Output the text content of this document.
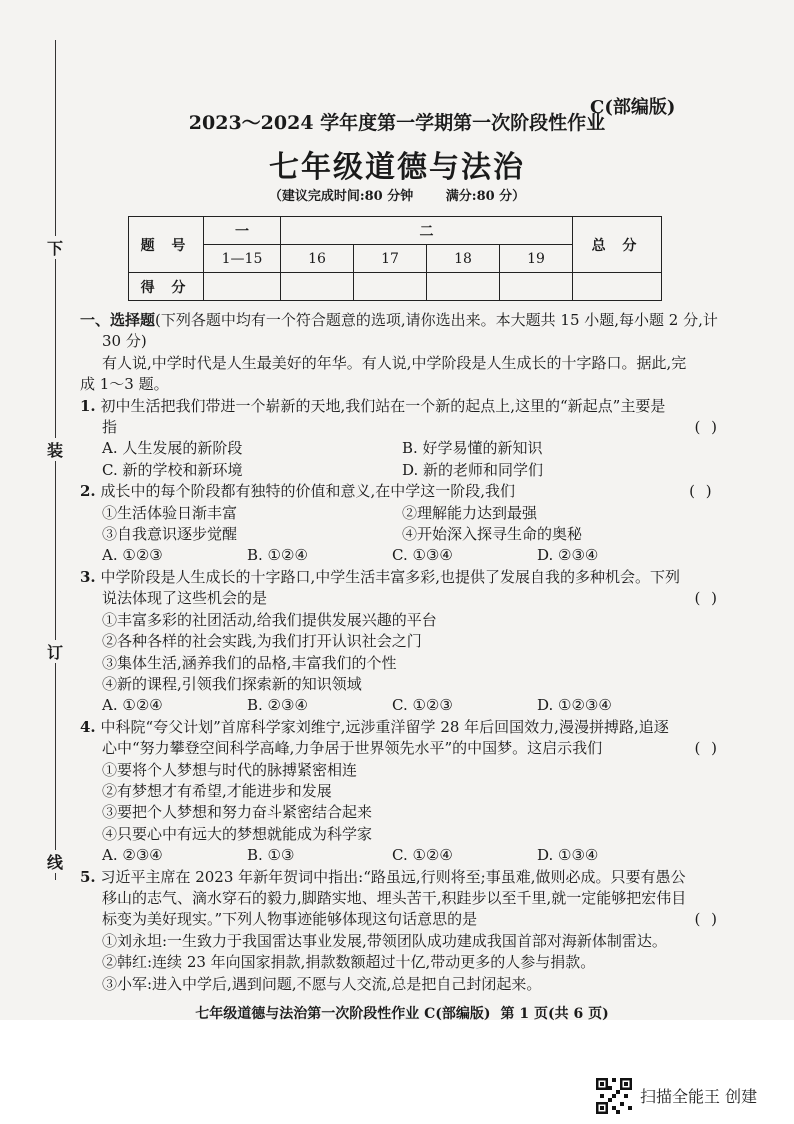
下
装
订
线
C(部编版)
2023～2024 学年度第一学期第一次阶段性作业
七年级道德与法治
（建议完成时间:80 分钟	满分:80 分）
题 号	一	二				总 分
	1—15	16	17	18	19	
得 分						

一、选择题(下列各题中均有一个符合题意的选项,请你选出来。本大题共 15 小题,每小题 2 分,计

30 分)

有人说,中学时代是人生最美好的年华。有人说,中学阶段是人生成长的十字路口。据此,完

成 1～3 题。

1. 初中生活把我们带进一个崭新的天地,我们站在一个新的起点上,这里的“新起点”主要是

指	( )

A. 人生发展的新阶段	B. 好学易懂的新知识
C. 新的学校和新环境	D. 新的老师和同学们

2. 成长中的每个阶段都有独特的价值和意义,在中学这一阶段,我们	( )

①生活体验日渐丰富	②理解能力达到最强
③自我意识逐步觉醒	④开始深入探寻生命的奥秘
A. ①②③	B. ①②④	C. ①③④	D. ②③④

3. 中学阶段是人生成长的十字路口,中学生活丰富多彩,也提供了发展自我的多种机会。下列

说法体现了这些机会的是	( )

①丰富多彩的社团活动,给我们提供发展兴趣的平台

②各种各样的社会实践,为我们打开认识社会之门

③集体生活,涵养我们的品格,丰富我们的个性

④新的课程,引领我们探索新的知识领域

A. ①②④	B. ②③④	C. ①②③	D. ①②③④

4. 中科院“夸父计划”首席科学家刘维宁,远涉重洋留学 28 年后回国效力,漫漫拼搏路,追逐

心中“努力攀登空间科学高峰,力争居于世界领先水平”的中国梦。这启示我们	( )

①要将个人梦想与时代的脉搏紧密相连

②有梦想才有希望,才能进步和发展

③要把个人梦想和努力奋斗紧密结合起来

④只要心中有远大的梦想就能成为科学家

A. ②③④	B. ①③	C. ①②④	D. ①③④

5. 习近平主席在 2023 年新年贺词中指出:“路虽远,行则将至;事虽难,做则必成。只要有愚公

移山的志气、滴水穿石的毅力,脚踏实地、埋头苦干,积跬步以至千里,就一定能够把宏伟目

标变为美好现实。”下列人物事迹能够体现这句话意思的是	( )

①刘永坦:一生致力于我国雷达事业发展,带领团队成功建成我国首部对海新体制雷达。

②韩红:连续 23 年向国家捐款,捐款数额超过十亿,带动更多的人参与捐款。

③小军:进入中学后,遇到问题,不愿与人交流,总是把自己封闭起来。

七年级道德与法治第一次阶段性作业 C(部编版) 第 1 页(共 6 页)
扫描全能王 创建
